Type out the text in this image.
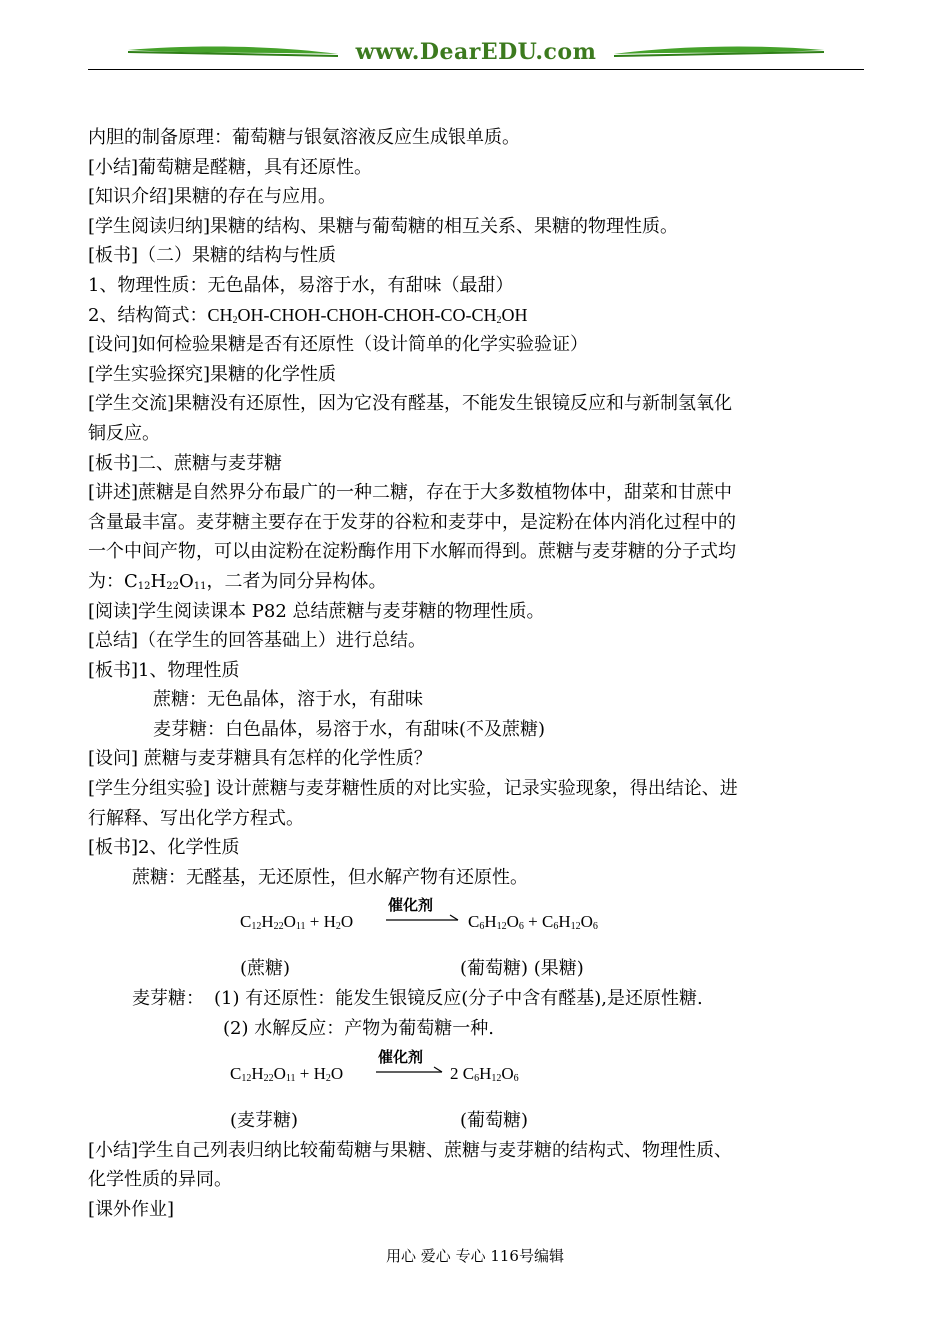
www.DearEDU.com
内胆的制备原理：葡萄糖与银氨溶液反应生成银单质。
[小结]葡萄糖是醛糖，具有还原性。
[知识介绍]果糖的存在与应用。
[学生阅读归纳]果糖的结构、果糖与葡萄糖的相互关系、果糖的物理性质。
[板书]（二）果糖的结构与性质
1、物理性质：无色晶体，易溶于水，有甜味（最甜）
2、结构简式：$CH_2OH-CHOH-CHOH-CHOH-CO-CH_2OH$
[设问]如何检验果糖是否有还原性（设计简单的化学实验验证）
[学生实验探究]果糖的化学性质
[学生交流]果糖没有还原性，因为它没有醛基，不能发生银镜反应和与新制氢氧化
铜反应。
[板书]二、蔗糖与麦芽糖
[讲述]蔗糖是自然界分布最广的一种二糖，存在于大多数植物体中，甜菜和甘蔗中
含量最丰富。麦芽糖主要存在于发芽的谷粒和麦芽中，是淀粉在体内消化过程中的
一个中间产物，可以由淀粉在淀粉酶作用下水解而得到。蔗糖与麦芽糖的分子式均
为：$C_{12}H_{22}O_{11}$，二者为同分异构体。
[阅读]学生阅读课本 P82 总结蔗糖与麦芽糖的物理性质。
[总结]（在学生的回答基础上）进行总结。
[板书]1、物理性质
蔗糖：无色晶体，溶于水，有甜味
麦芽糖：白色晶体，易溶于水，有甜味(不及蔗糖)
[设问] 蔗糖与麦芽糖具有怎样的化学性质？
[学生分组实验] 设计蔗糖与麦芽糖性质的对比实验，记录实验现象，得出结论、进
行解释、写出化学方程式。
[板书]2、化学性质
蔗糖：无醛基，无还原性，但水解产物有还原性。
催化剂
$C_{12}H_{22}O_{11} + H_2O$	$C_6H_{12}O_6 + C_6H_{12}O_6$
(蔗糖)	(葡萄糖) (果糖)
麦芽糖： (1) 有还原性：能发生银镜反应(分子中含有醛基),是还原性糖.
(2) 水解反应：产物为葡萄糖一种.
催化剂
$C_{12}H_{22}O_{11} + H_2O$	2 $C_6H_{12}O_6$
(麦芽糖)	(葡萄糖)
[小结]学生自己列表归纳比较葡萄糖与果糖、蔗糖与麦芽糖的结构式、物理性质、
化学性质的异同。
[课外作业]
用心 爱心 专心 116号编辑
